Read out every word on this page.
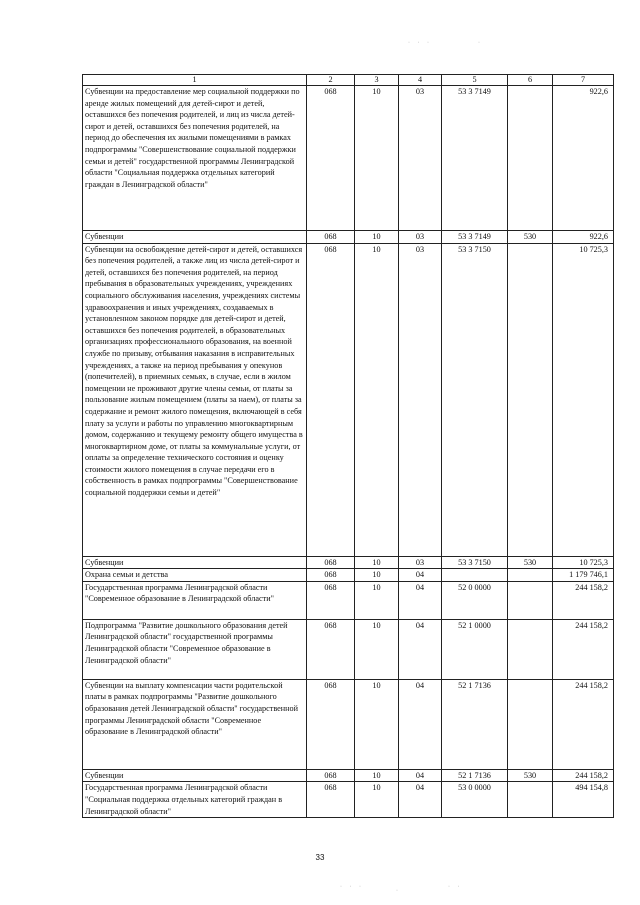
· · ·	·
· · ·
·
· ·
1	2	3	4	5	6	7
Субвенции на предоставление мер социальной поддержки по аренде жилых помещений для детей-сирот и детей, оставшихся без попечения родителей, и лиц из числа детей-сирот и детей, оставшихся без попечения родителей, на период до обеспечения их жилыми помещениями в рамках подпрограммы "Совершенствование социальной поддержки семьи и детей" государственной программы Ленинградской области "Социальная поддержка отдельных категорий граждан в Ленинградской области"	068	10	03	53 3 7149		922,6
Субвенции	068	10	03	53 3 7149	530	922,6
Субвенции на освобождение детей-сирот и детей, оставшихся без попечения родителей, а также лиц из числа детей-сирот и детей, оставшихся без попечения родителей, на период пребывания в образовательных учреждениях, учреждениях социального обслуживания населения, учреждениях системы здравоохранения и иных учреждениях, создаваемых в установленном законом порядке для детей-сирот и детей, оставшихся без попечения родителей, в образовательных организациях профессионального образования, на военной службе по призыву, отбывания наказания в исправительных учреждениях, а также на период пребывания у опекунов (попечителей), в приемных семьях, в случае, если в жилом помещении не проживают другие члены семьи, от платы за пользование жилым помещением (платы за наем), от платы за содержание и ремонт жилого помещения, включающей в себя плату за услуги и работы по управлению многоквартирным домом, содержанию и текущему ремонту общего имущества в многоквартирном доме, от платы за коммунальные услуги, от оплаты за определение технического состояния и оценку стоимости жилого помещения в случае передачи его в собственность в рамках подпрограммы "Совершенствование социальной поддержки семьи и детей"	068	10	03	53 3 7150		10 725,3
Субвенции	068	10	03	53 3 7150	530	10 725,3
Охрана семьи и детства	068	10	04			1 179 746,1
Государственная программа Ленинградской области "Современное образование в Ленинградской области"	068	10	04	52 0 0000		244 158,2
Подпрограмма "Развитие дошкольного образования детей Ленинградской области" государственной программы Ленинградской области "Современное образование в Ленинградской области"	068	10	04	52 1 0000		244 158,2
Субвенции на выплату компенсации части родительской платы в рамках подпрограммы "Развитие дошкольного образования детей Ленинградской области" государственной программы Ленинградской области "Современное образование в Ленинградской области"	068	10	04	52 1 7136		244 158,2
Субвенции	068	10	04	52 1 7136	530	244 158,2
Государственная программа Ленинградской области "Социальная поддержка отдельных категорий граждан в Ленинградской области"	068	10	04	53 0 0000		494 154,8
33
